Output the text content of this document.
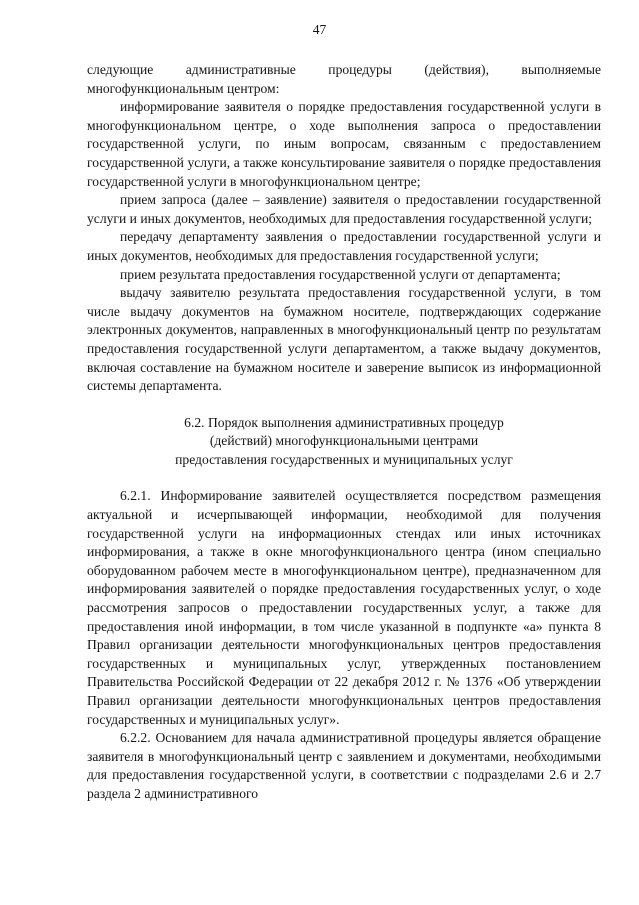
47

следующие административные процедуры (действия), выполняемые

многофункциональным центром:

информирование заявителя о порядке предоставления государственной услуги в многофункциональном центре, о ходе выполнения запроса о предоставлении государственной услуги, по иным вопросам, связанным с предоставлением государственной услуги, а также консультирование заявителя о порядке предоставления государственной услуги в многофункциональном центре;

прием запроса (далее – заявление) заявителя о предоставлении государственной услуги и иных документов, необходимых для предоставления государственной услуги;

передачу департаменту заявления о предоставлении государственной услуги и иных документов, необходимых для предоставления государственной услуги;

прием результата предоставления государственной услуги от департамента;

выдачу заявителю результата предоставления государственной услуги, в том числе выдачу документов на бумажном носителе, подтверждающих содержание электронных документов, направленных в многофункциональный центр по результатам предоставления государственной услуги департаментом, а также выдачу документов, включая составление на бумажном носителе и заверение выписок из информационной системы департамента.

6.2. Порядок выполнения административных процедур
(действий) многофункциональными центрами
предоставления государственных и муниципальных услуг

6.2.1. Информирование заявителей осуществляется посредством размещения актуальной и исчерпывающей информации, необходимой для получения государственной услуги на информационных стендах или иных источниках информирования, а также в окне многофункционального центра (ином специально оборудованном рабочем месте в многофункциональном центре), предназначенном для информирования заявителей о порядке предоставления государственных услуг, о ходе рассмотрения запросов о предоставлении государственных услуг, а также для предоставления иной информации, в том числе указанной в подпункте «а» пункта 8 Правил организации деятельности многофункциональных центров предоставления государственных и муниципальных услуг, утвержденных постановлением Правительства Российской Федерации от 22 декабря 2012 г. № 1376 «Об утверждении Правил организации деятельности многофункциональных центров предоставления государственных и муниципальных услуг».

6.2.2. Основанием для начала административной процедуры является обращение заявителя в многофункциональный центр с заявлением и документами, необходимыми для предоставления государственной услуги, в соответствии с подразделами 2.6 и 2.7 раздела 2 административного
